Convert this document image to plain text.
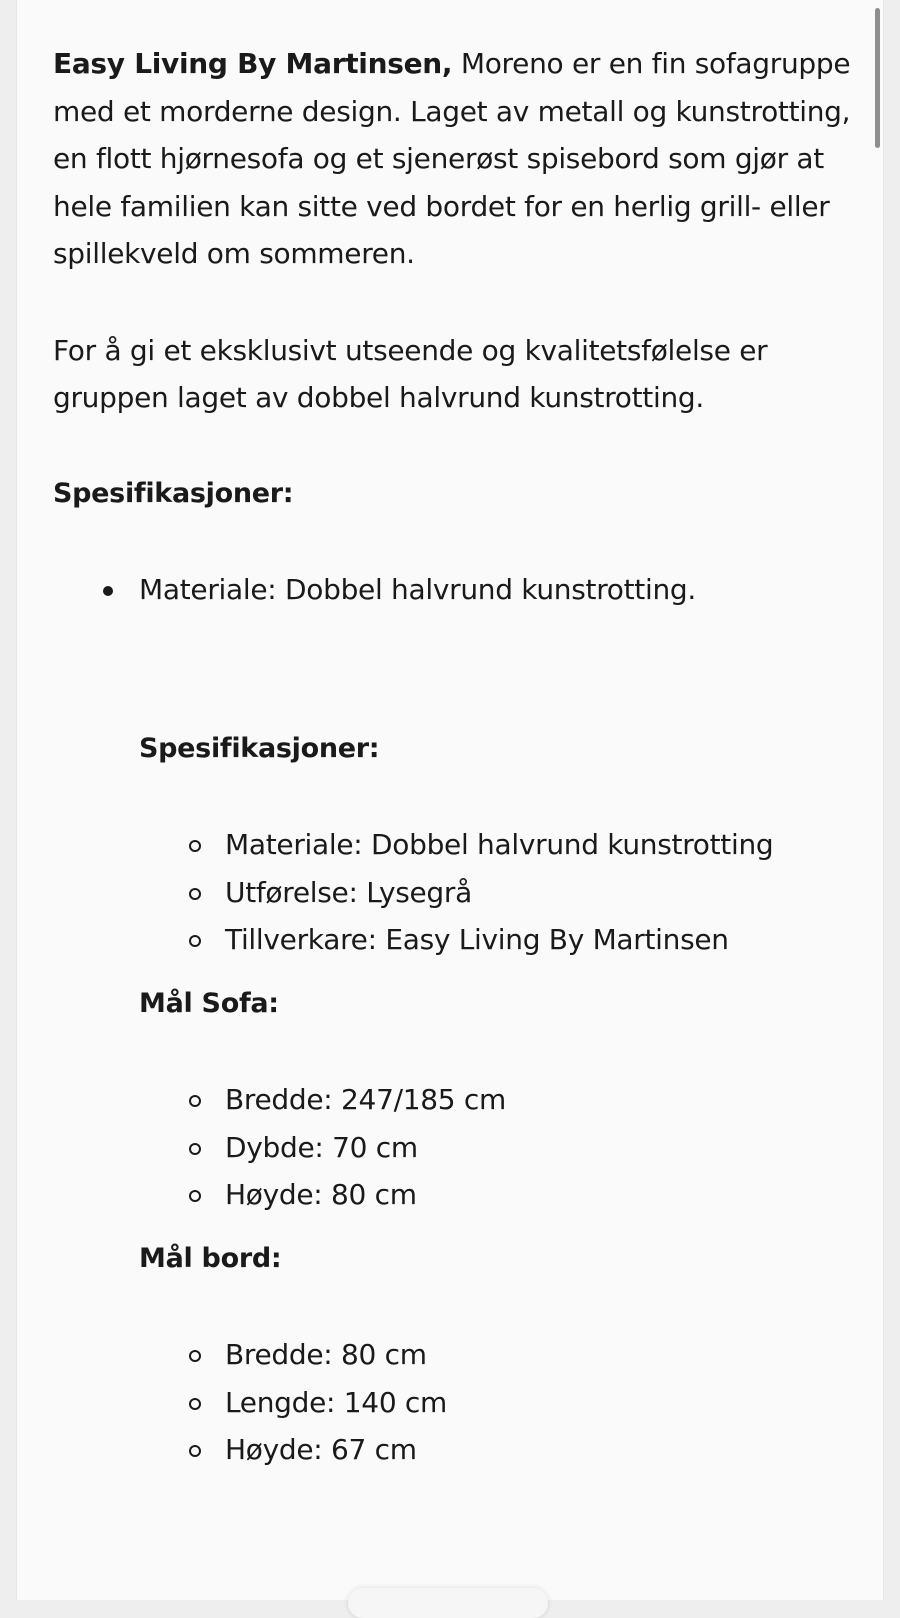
Easy Living By Martinsen, Moreno er en fin sofagruppe med et morderne design. Laget av metall og kunstrotting, en flott hjørnesofa og et sjenerøst spisebord som gjør at hele familien kan sitte ved bordet for en herlig grill- eller spillekveld om sommeren.

For å gi et eksklusivt utseende og kvalitetsfølelse er gruppen laget av dobbel halvrund kunstrotting.

Spesifikasjoner:

Materiale: Dobbel halvrund kunstrotting.

Spesifikasjoner:

Materiale: Dobbel halvrund kunstrotting
Utførelse: Lysegrå
Tillverkare: Easy Living By Martinsen

Mål Sofa:

Bredde: 247/185 cm
Dybde: 70 cm
Høyde: 80 cm

Mål bord:

Bredde: 80 cm
Lengde: 140 cm
Høyde: 67 cm
